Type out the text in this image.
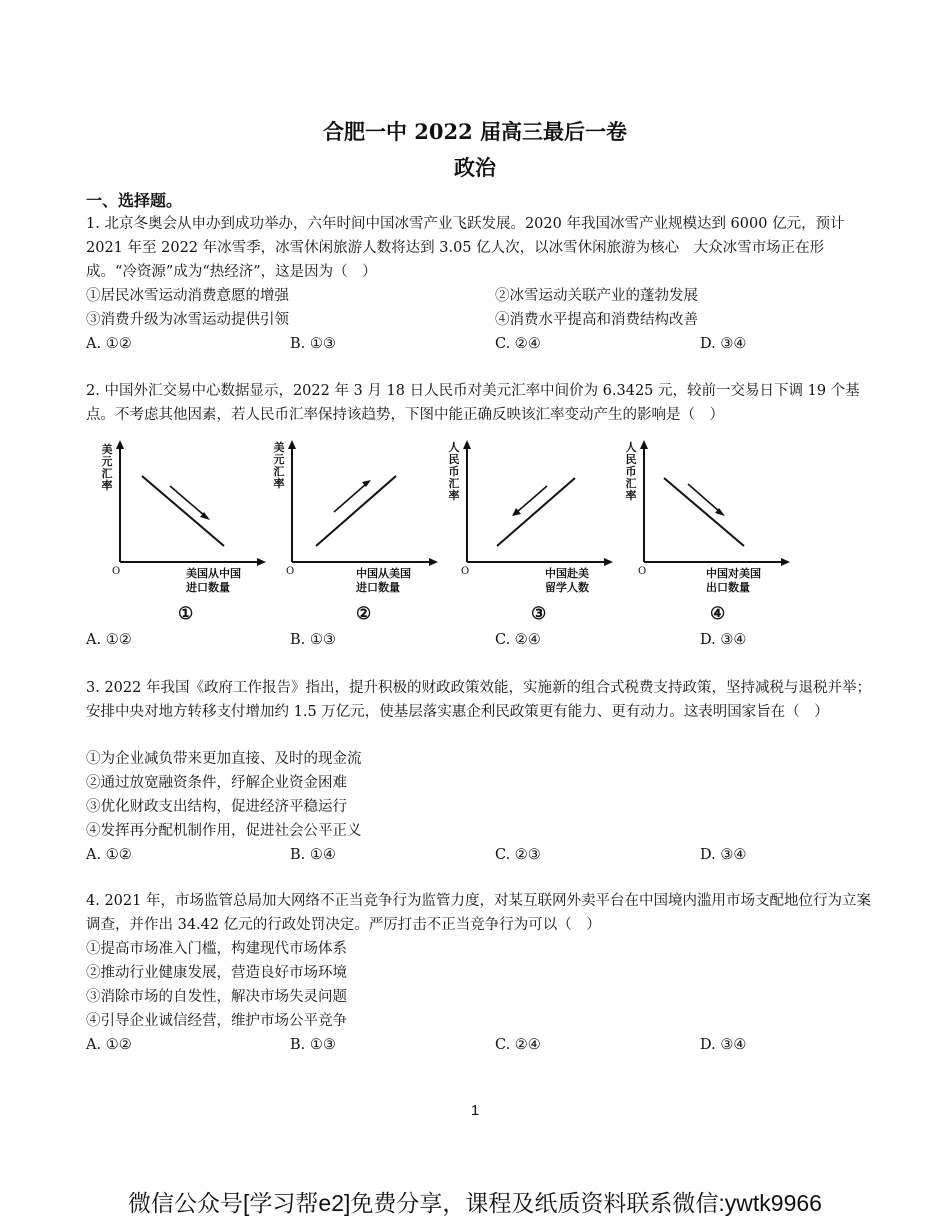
合肥一中 2022 届高三最后一卷
政治
一、选择题。
1. 北京冬奥会从申办到成功举办，六年时间中国冰雪产业飞跃发展。2020 年我国冰雪产业规模达到 6000 亿元，预计 2021 年至 2022 年冰雪季，冰雪休闲旅游人数将达到 3.05 亿人次，以冰雪休闲旅游为核心　大众冰雪市场正在形成。“冷资源”成为“热经济”，这是因为（　）
①居民冰雪运动消费意愿的增强	②冰雪运动关联产业的蓬勃发展
③消费升级为冰雪运动提供引领	④消费水平提高和消费结构改善
A. ①②	B. ①③	C. ②④	D. ③④
2. 中国外汇交易中心数据显示，2022 年 3 月 18 日人民币对美元汇率中间价为 6.3425 元，较前一交易日下调 19 个基点。不考虑其他因素，若人民币汇率保持该趋势，下图中能正确反映该汇率变动产生的影响是（　）
美元汇率
O	美国从中国
进口数量
①
美元汇率
O	中国从美国
进口数量
②
人民币汇率
O	中国赴美
留学人数
③
人民币汇率
O	中国对美国
出口数量
④
A. ①②	B. ①③	C. ②④	D. ③④
3. 2022 年我国《政府工作报告》指出，提升积极的财政政策效能，实施新的组合式税费支持政策，坚持减税与退税并举；安排中央对地方转移支付增加约 1.5 万亿元，使基层落实惠企利民政策更有能力、更有动力。这表明国家旨在（　）
①为企业减负带来更加直接、及时的现金流
②通过放宽融资条件，纾解企业资金困难
③优化财政支出结构，促进经济平稳运行
④发挥再分配机制作用，促进社会公平正义
A. ①②	B. ①④	C. ②③	D. ③④
4. 2021 年，市场监管总局加大网络不正当竞争行为监管力度，对某互联网外卖平台在中国境内滥用市场支配地位行为立案调查，并作出 34.42 亿元的行政处罚决定。严厉打击不正当竞争行为可以（　）
①提高市场准入门槛，构建现代市场体系
②推动行业健康发展，营造良好市场环境
③消除市场的自发性，解决市场失灵问题
④引导企业诚信经营，维护市场公平竞争
A. ①②	B. ①③	C. ②④	D. ③④
1
微信公众号[学习帮e2]免费分享，课程及纸质资料联系微信:ywtk9966
